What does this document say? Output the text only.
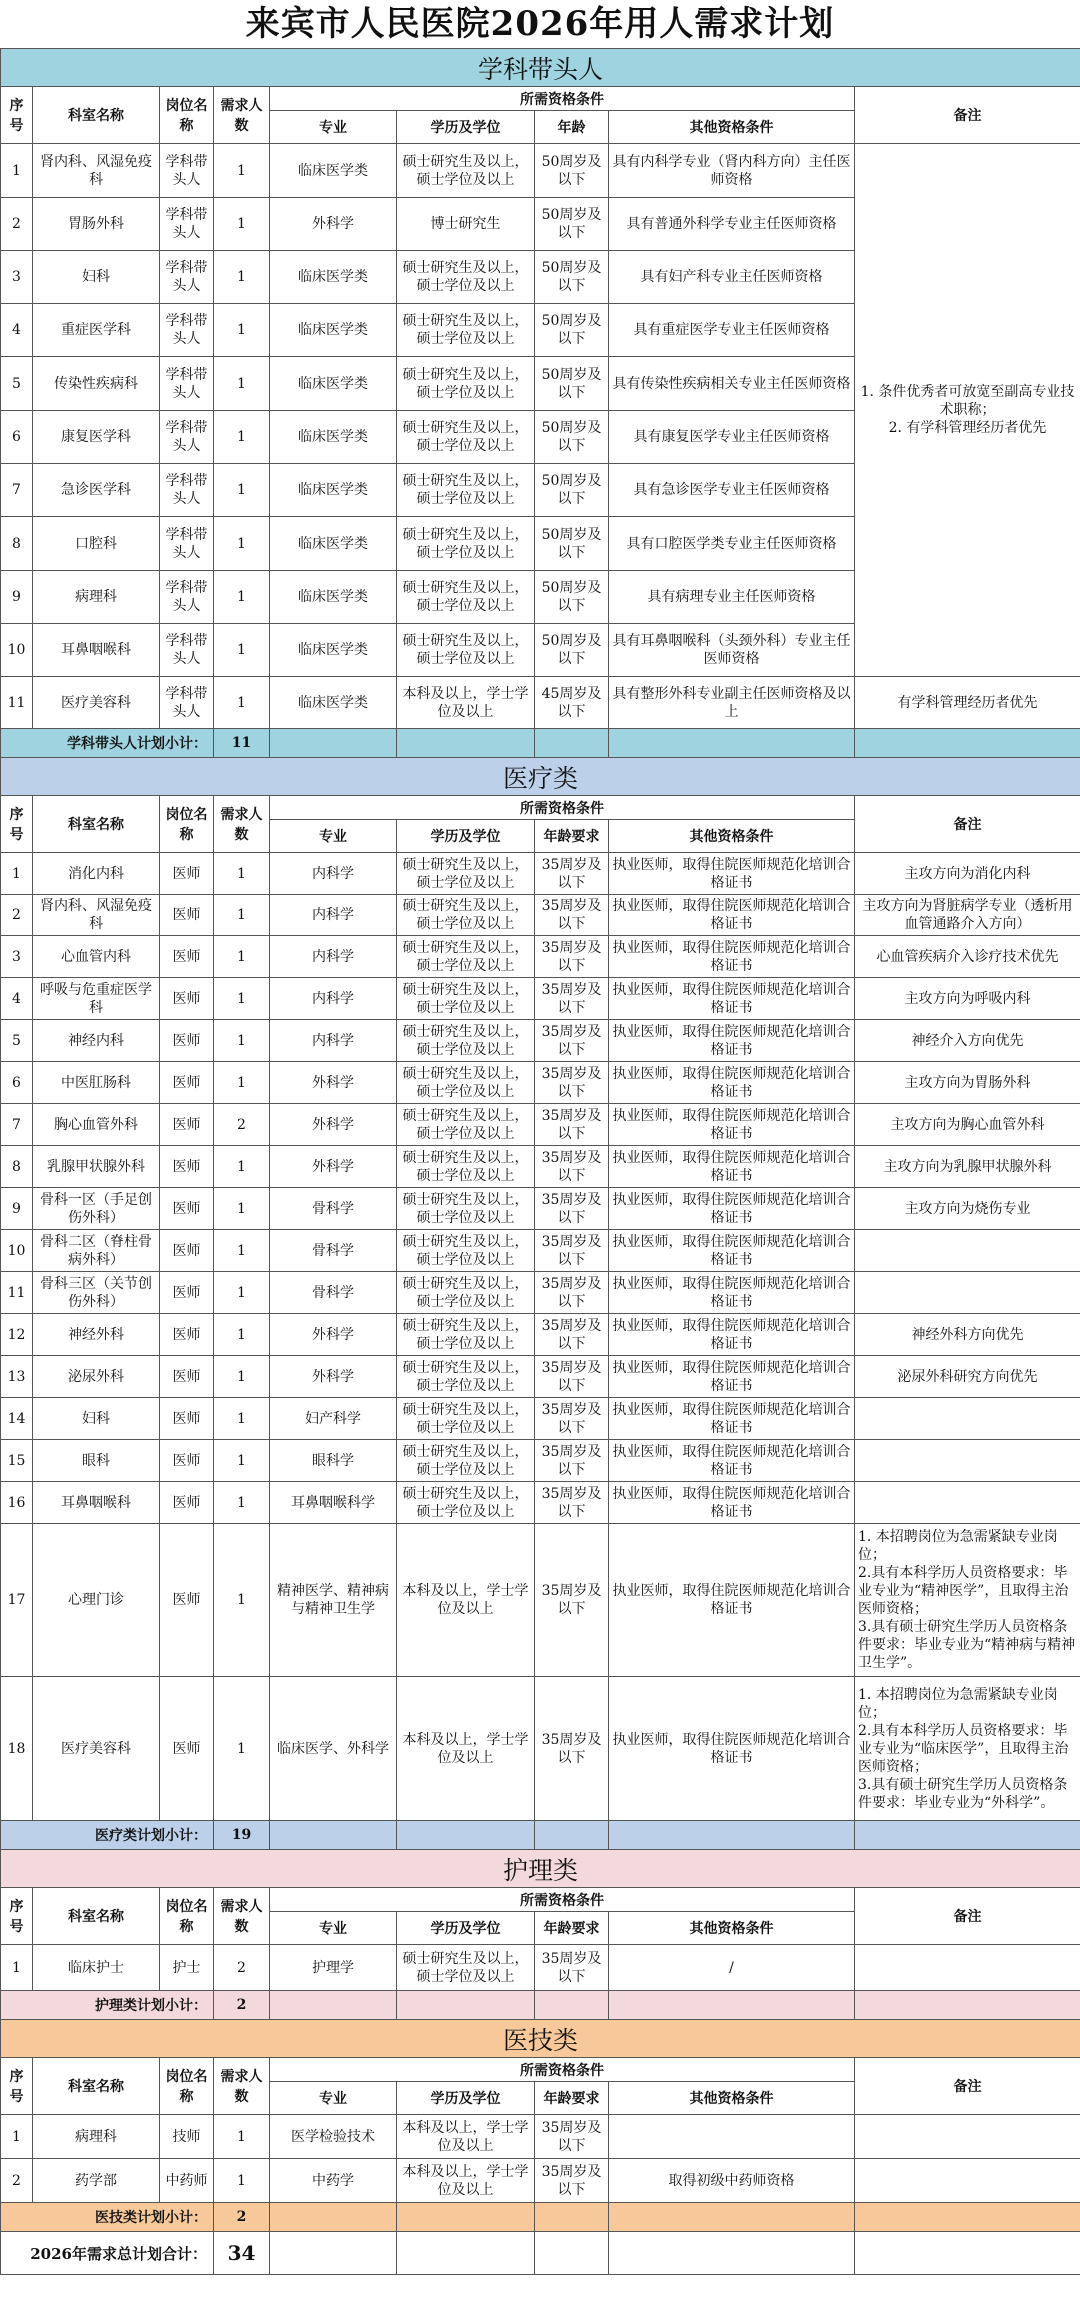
来宾市人民医院2026年用人需求计划
学科带头人								
序号	科室名称	岗位名称	需求人数	所需资格条件				备注
				专业	学历及学位	年龄	其他资格条件	
1	肾内科、风湿免疫科	学科带头人	1	临床医学类	硕士研究生及以上，硕士学位及以上	50周岁及以下	具有内科学专业（肾内科方向）主任医师资格	1. 条件优秀者可放宽至副高专业技术职称；
2. 有学科管理经历者优先
2	胃肠外科	学科带头人	1	外科学	博士研究生	50周岁及以下	具有普通外科学专业主任医师资格	
3	妇科	学科带头人	1	临床医学类	硕士研究生及以上，硕士学位及以上	50周岁及以下	具有妇产科专业主任医师资格	
4	重症医学科	学科带头人	1	临床医学类	硕士研究生及以上，硕士学位及以上	50周岁及以下	具有重症医学专业主任医师资格	
5	传染性疾病科	学科带头人	1	临床医学类	硕士研究生及以上，硕士学位及以上	50周岁及以下	具有传染性疾病相关专业主任医师资格	
6	康复医学科	学科带头人	1	临床医学类	硕士研究生及以上，硕士学位及以上	50周岁及以下	具有康复医学专业主任医师资格	
7	急诊医学科	学科带头人	1	临床医学类	硕士研究生及以上，硕士学位及以上	50周岁及以下	具有急诊医学专业主任医师资格	
8	口腔科	学科带头人	1	临床医学类	硕士研究生及以上，硕士学位及以上	50周岁及以下	具有口腔医学类专业主任医师资格	
9	病理科	学科带头人	1	临床医学类	硕士研究生及以上，硕士学位及以上	50周岁及以下	具有病理专业主任医师资格	
10	耳鼻咽喉科	学科带头人	1	临床医学类	硕士研究生及以上，硕士学位及以上	50周岁及以下	具有耳鼻咽喉科（头颈外科）专业主任医师资格	
11	医疗美容科	学科带头人	1	临床医学类	本科及以上，学士学位及以上	45周岁及以下	具有整形外科专业副主任医师资格及以上	有学科管理经历者优先
学科带头人计划小计：			11					
医疗类								
序号	科室名称	岗位名称	需求人数	所需资格条件				备注
				专业	学历及学位	年龄要求	其他资格条件	
1	消化内科	医师	1	内科学	硕士研究生及以上，硕士学位及以上	35周岁及以下	执业医师，取得住院医师规范化培训合格证书	主攻方向为消化内科
2	肾内科、风湿免疫科	医师	1	内科学	硕士研究生及以上，硕士学位及以上	35周岁及以下	执业医师，取得住院医师规范化培训合格证书	主攻方向为肾脏病学专业（透析用血管通路介入方向）
3	心血管内科	医师	1	内科学	硕士研究生及以上，硕士学位及以上	35周岁及以下	执业医师，取得住院医师规范化培训合格证书	心血管疾病介入诊疗技术优先
4	呼吸与危重症医学科	医师	1	内科学	硕士研究生及以上，硕士学位及以上	35周岁及以下	执业医师，取得住院医师规范化培训合格证书	主攻方向为呼吸内科
5	神经内科	医师	1	内科学	硕士研究生及以上，硕士学位及以上	35周岁及以下	执业医师，取得住院医师规范化培训合格证书	神经介入方向优先
6	中医肛肠科	医师	1	外科学	硕士研究生及以上，硕士学位及以上	35周岁及以下	执业医师，取得住院医师规范化培训合格证书	主攻方向为胃肠外科
7	胸心血管外科	医师	2	外科学	硕士研究生及以上，硕士学位及以上	35周岁及以下	执业医师，取得住院医师规范化培训合格证书	主攻方向为胸心血管外科
8	乳腺甲状腺外科	医师	1	外科学	硕士研究生及以上，硕士学位及以上	35周岁及以下	执业医师，取得住院医师规范化培训合格证书	主攻方向为乳腺甲状腺外科
9	骨科一区（手足创伤外科）	医师	1	骨科学	硕士研究生及以上，硕士学位及以上	35周岁及以下	执业医师，取得住院医师规范化培训合格证书	主攻方向为烧伤专业
10	骨科二区（脊柱骨病外科）	医师	1	骨科学	硕士研究生及以上，硕士学位及以上	35周岁及以下	执业医师，取得住院医师规范化培训合格证书	
11	骨科三区（关节创伤外科）	医师	1	骨科学	硕士研究生及以上，硕士学位及以上	35周岁及以下	执业医师，取得住院医师规范化培训合格证书	
12	神经外科	医师	1	外科学	硕士研究生及以上，硕士学位及以上	35周岁及以下	执业医师，取得住院医师规范化培训合格证书	神经外科方向优先
13	泌尿外科	医师	1	外科学	硕士研究生及以上，硕士学位及以上	35周岁及以下	执业医师，取得住院医师规范化培训合格证书	泌尿外科研究方向优先
14	妇科	医师	1	妇产科学	硕士研究生及以上，硕士学位及以上	35周岁及以下	执业医师，取得住院医师规范化培训合格证书	
15	眼科	医师	1	眼科学	硕士研究生及以上，硕士学位及以上	35周岁及以下	执业医师，取得住院医师规范化培训合格证书	
16	耳鼻咽喉科	医师	1	耳鼻咽喉科学	硕士研究生及以上，硕士学位及以上	35周岁及以下	执业医师，取得住院医师规范化培训合格证书	
17	心理门诊	医师	1	精神医学、精神病与精神卫生学	本科及以上，学士学位及以上	35周岁及以下	执业医师，取得住院医师规范化培训合格证书	1. 本招聘岗位为急需紧缺专业岗位；
2.具有本科学历人员资格要求：毕业专业为“精神医学”，且取得主治医师资格；
3.具有硕士研究生学历人员资格条件要求：毕业专业为“精神病与精神卫生学”。
18	医疗美容科	医师	1	临床医学、外科学	本科及以上，学士学位及以上	35周岁及以下	执业医师，取得住院医师规范化培训合格证书	1. 本招聘岗位为急需紧缺专业岗位；
2.具有本科学历人员资格要求：毕业专业为“临床医学”，且取得主治医师资格；
3.具有硕士研究生学历人员资格条件要求：毕业专业为“外科学”。
医疗类计划小计：			19					
护理类								
序号	科室名称	岗位名称	需求人数	所需资格条件				备注
				专业	学历及学位	年龄要求	其他资格条件	
1	临床护士	护士	2	护理学	硕士研究生及以上，硕士学位及以上	35周岁及以下	/	
护理类计划小计：			2					
医技类								
序号	科室名称	岗位名称	需求人数	所需资格条件				备注
				专业	学历及学位	年龄要求	其他资格条件	
1	病理科	技师	1	医学检验技术	本科及以上，学士学位及以上	35周岁及以下		
2	药学部	中药师	1	中药学	本科及以上，学士学位及以上	35周岁及以下	取得初级中药师资格	
医技类计划小计：			2					
2026年需求总计划合计：			34					
